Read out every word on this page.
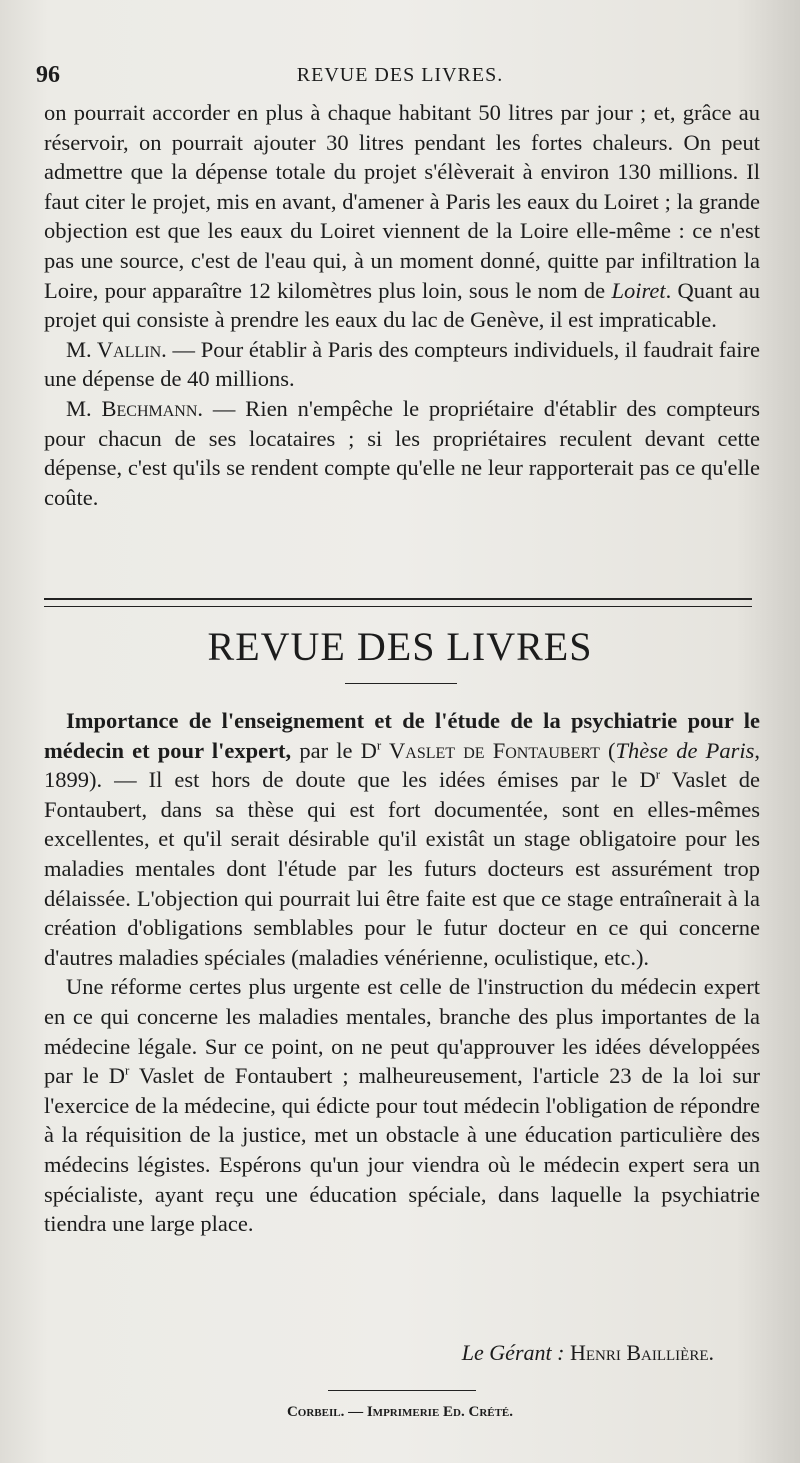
96	REVUE DES LIVRES.

on pourrait accorder en plus à chaque habitant 50 litres par jour ; et, grâce au réservoir, on pourrait ajouter 30 litres pendant les fortes chaleurs. On peut admettre que la dépense totale du projet s'élèverait à environ 130 millions. Il faut citer le projet, mis en avant, d'amener à Paris les eaux du Loiret ; la grande objection est que les eaux du Loiret viennent de la Loire elle-même : ce n'est pas une source, c'est de l'eau qui, à un moment donné, quitte par infiltration la Loire, pour apparaître 12 kilomètres plus loin, sous le nom de Loiret. Quant au projet qui consiste à prendre les eaux du lac de Genève, il est impraticable.

M. Vallin. — Pour établir à Paris des compteurs individuels, il faudrait faire une dépense de 40 millions.

M. Bechmann. — Rien n'empêche le propriétaire d'établir des compteurs pour chacun de ses locataires ; si les propriétaires reculent devant cette dépense, c'est qu'ils se rendent compte qu'elle ne leur rapporterait pas ce qu'elle coûte.

REVUE DES LIVRES

Importance de l'enseignement et de l'étude de la psychiatrie pour le médecin et pour l'expert, par le $D^r$ Vaslet de Fontaubert (Thèse de Paris, 1899). — Il est hors de doute que les idées émises par le $D^r$ Vaslet de Fontaubert, dans sa thèse qui est fort documentée, sont en elles-mêmes excellentes, et qu'il serait désirable qu'il existât un stage obligatoire pour les maladies mentales dont l'étude par les futurs docteurs est assurément trop délaissée. L'objection qui pourrait lui être faite est que ce stage entraînerait à la création d'obligations semblables pour le futur docteur en ce qui concerne d'autres maladies spéciales (maladies vénérienne, oculistique, etc.).

Une réforme certes plus urgente est celle de l'instruction du médecin expert en ce qui concerne les maladies mentales, branche des plus importantes de la médecine légale. Sur ce point, on ne peut qu'approuver les idées développées par le $D^r$ Vaslet de Fontaubert ; malheureusement, l'article 23 de la loi sur l'exercice de la médecine, qui édicte pour tout médecin l'obligation de répondre à la réquisition de la justice, met un obstacle à une éducation particulière des médecins légistes. Espérons qu'un jour viendra où le médecin expert sera un spécialiste, ayant reçu une éducation spéciale, dans laquelle la psychiatrie tiendra une large place.

Le Gérant : Henri Baillière.
Corbeil. — Imprimerie Ed. Crété.
